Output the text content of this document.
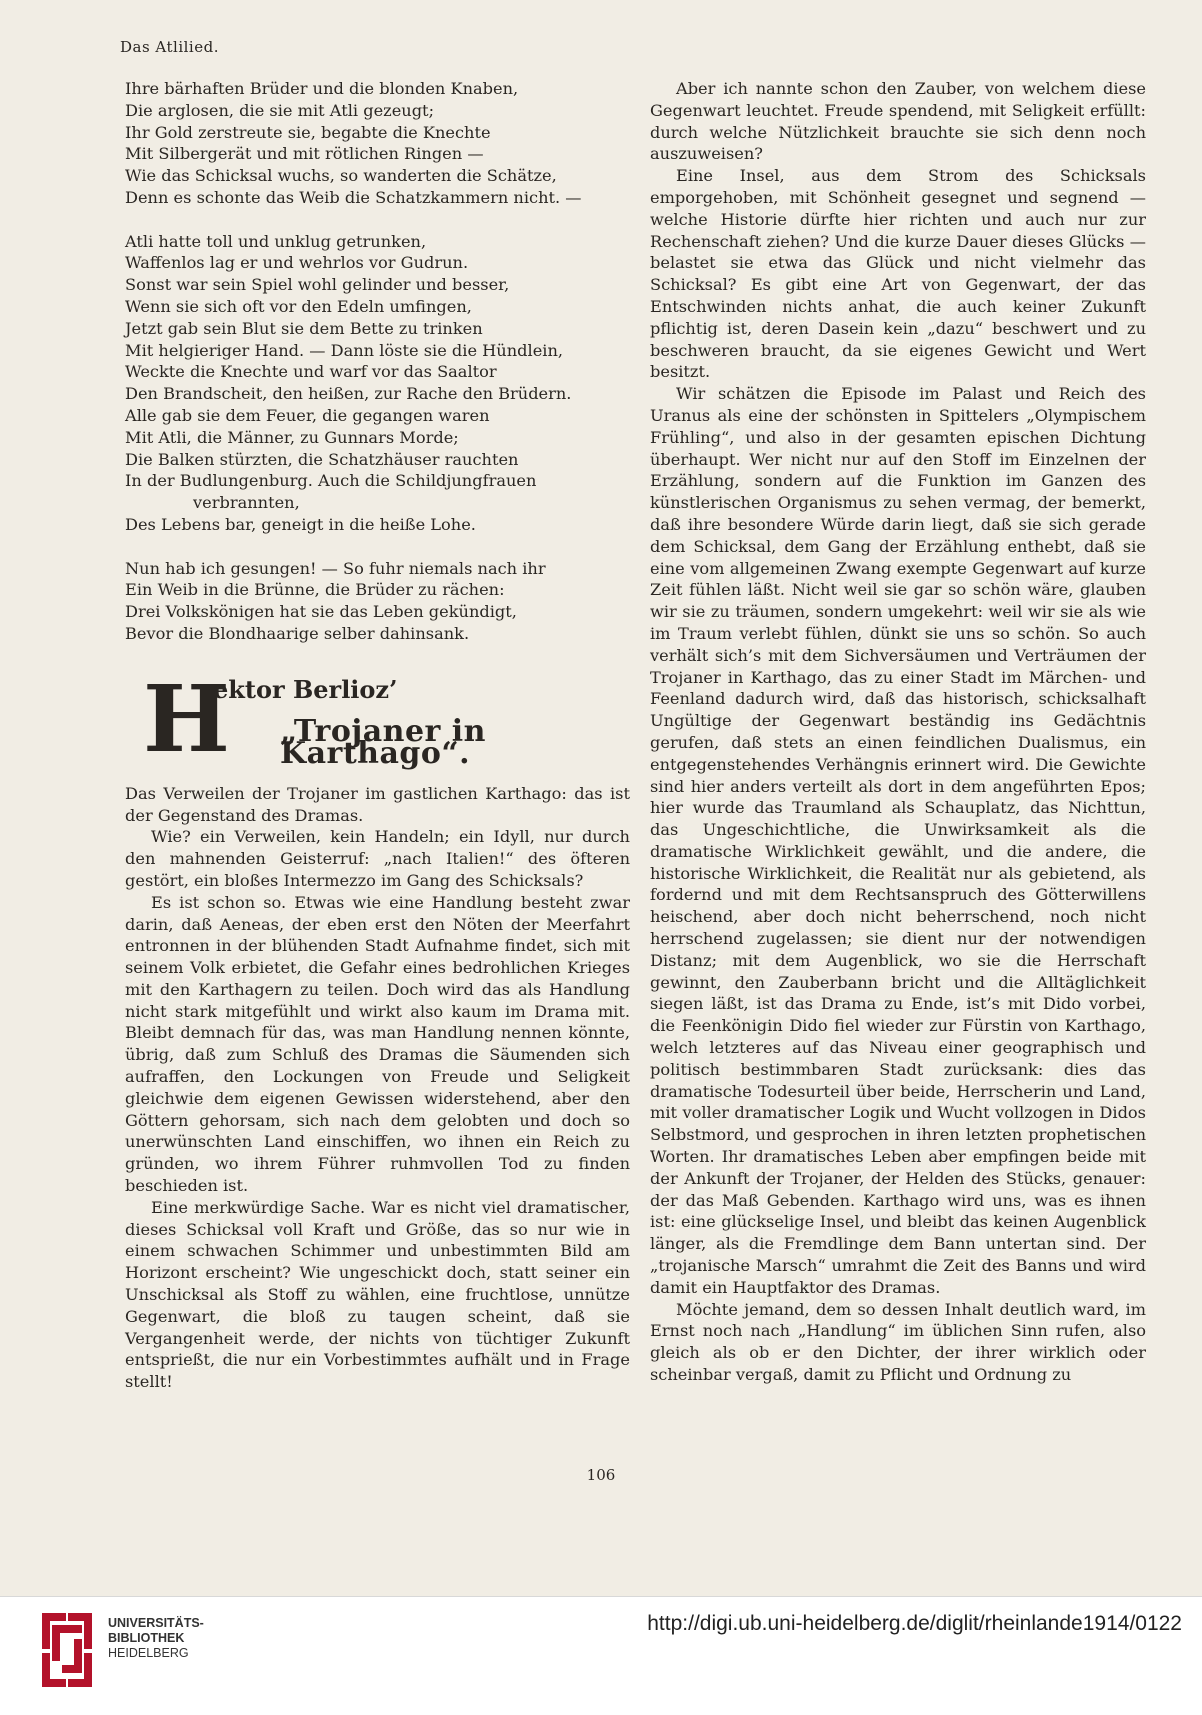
Das Atlilied.
Ihre bärhaften Brüder und die blonden Knaben,
Die arglosen, die sie mit Atli gezeugt;
Ihr Gold zerstreute sie, begabte die Knechte
Mit Silbergerät und mit rötlichen Ringen —
Wie das Schicksal wuchs, so wanderten die Schätze,
Denn es schonte das Weib die Schatzkammern nicht. —
Atli hatte toll und unklug getrunken,
Waffenlos lag er und wehrlos vor Gudrun.
Sonst war sein Spiel wohl gelinder und besser,
Wenn sie sich oft vor den Edeln umfingen,
Jetzt gab sein Blut sie dem Bette zu trinken
Mit helgieriger Hand. — Dann löste sie die Hündlein,
Weckte die Knechte und warf vor das Saaltor
Den Brandscheit, den heißen, zur Rache den Brüdern.
Alle gab sie dem Feuer, die gegangen waren
Mit Atli, die Männer, zu Gunnars Morde;
Die Balken stürzten, die Schatzhäuser rauchten
In der Budlungenburg. Auch die Schildjungfrauen
verbrannten,
Des Lebens bar, geneigt in die heiße Lohe.
Nun hab ich gesungen! — So fuhr niemals nach ihr
Ein Weib in die Brünne, die Brüder zu rächen:
Drei Volkskönigen hat sie das Leben gekündigt,
Bevor die Blondhaarige selber dahinsank.
H
ektor Berlioz’
„Trojaner in Karthago“.
Das Verweilen der Trojaner im gastlichen Karthago: das ist der Gegenstand des Dramas.
Wie? ein Verweilen, kein Handeln; ein Idyll, nur durch den mahnenden Geisterruf: „nach Italien!“ des öfteren gestört, ein bloßes Intermezzo im Gang des Schicksals?
Es ist schon so. Etwas wie eine Handlung besteht zwar darin, daß Aeneas, der eben erst den Nöten der Meerfahrt entronnen in der blühenden Stadt Aufnahme findet, sich mit seinem Volk erbietet, die Gefahr eines bedrohlichen Krieges mit den Karthagern zu teilen. Doch wird das als Handlung nicht stark mitgefühlt und wirkt also kaum im Drama mit. Bleibt demnach für das, was man Handlung nennen könnte, übrig, daß zum Schluß des Dramas die Säumenden sich aufraffen, den Lockungen von Freude und Seligkeit gleichwie dem eigenen Gewissen widerstehend, aber den Göttern gehorsam, sich nach dem gelobten und doch so unerwünschten Land einschiffen, wo ihnen ein Reich zu gründen, wo ihrem Führer ruhmvollen Tod zu finden beschieden ist.
Eine merkwürdige Sache. War es nicht viel dramatischer, dieses Schicksal voll Kraft und Größe, das so nur wie in einem schwachen Schimmer und unbestimmten Bild am Horizont erscheint? Wie ungeschickt doch, statt seiner ein Unschicksal als Stoff zu wählen, eine fruchtlose, unnütze Gegenwart, die bloß zu taugen scheint, daß sie Vergangenheit werde, der nichts von tüchtiger Zukunft entsprießt, die nur ein Vorbestimmtes aufhält und in Frage stellt!
Aber ich nannte schon den Zauber, von welchem diese Gegenwart leuchtet. Freude spendend, mit Seligkeit erfüllt: durch welche Nützlichkeit brauchte sie sich denn noch auszuweisen?
Eine Insel, aus dem Strom des Schicksals emporgehoben, mit Schönheit gesegnet und segnend — welche Historie dürfte hier richten und auch nur zur Rechenschaft ziehen? Und die kurze Dauer dieses Glücks — belastet sie etwa das Glück und nicht vielmehr das Schicksal? Es gibt eine Art von Gegenwart, der das Entschwinden nichts anhat, die auch keiner Zukunft pflichtig ist, deren Dasein kein „dazu“ beschwert und zu beschweren braucht, da sie eigenes Gewicht und Wert besitzt.
Wir schätzen die Episode im Palast und Reich des Uranus als eine der schönsten in Spittelers „Olympischem Frühling“, und also in der gesamten epischen Dichtung überhaupt. Wer nicht nur auf den Stoff im Einzelnen der Erzählung, sondern auf die Funktion im Ganzen des künstlerischen Organismus zu sehen vermag, der bemerkt, daß ihre besondere Würde darin liegt, daß sie sich gerade dem Schicksal, dem Gang der Erzählung enthebt, daß sie eine vom allgemeinen Zwang exempte Gegenwart auf kurze Zeit fühlen läßt. Nicht weil sie gar so schön wäre, glauben wir sie zu träumen, sondern umgekehrt: weil wir sie als wie im Traum verlebt fühlen, dünkt sie uns so schön. So auch verhält sich’s mit dem Sichversäumen und Verträumen der Trojaner in Karthago, das zu einer Stadt im Märchen- und Feenland dadurch wird, daß das historisch, schicksalhaft Ungültige der Gegenwart beständig ins Gedächtnis gerufen, daß stets an einen feindlichen Dualismus, ein entgegenstehendes Verhängnis erinnert wird. Die Gewichte sind hier anders verteilt als dort in dem angeführten Epos; hier wurde das Traumland als Schauplatz, das Nichttun, das Ungeschichtliche, die Unwirksamkeit als die dramatische Wirklichkeit gewählt, und die andere, die historische Wirklichkeit, die Realität nur als gebietend, als fordernd und mit dem Rechtsanspruch des Götterwillens heischend, aber doch nicht beherrschend, noch nicht herrschend zugelassen; sie dient nur der notwendigen Distanz; mit dem Augenblick, wo sie die Herrschaft gewinnt, den Zauberbann bricht und die Alltäglichkeit siegen läßt, ist das Drama zu Ende, ist’s mit Dido vorbei, die Feenkönigin Dido fiel wieder zur Fürstin von Karthago, welch letzteres auf das Niveau einer geographisch und politisch bestimmbaren Stadt zurücksank: dies das dramatische Todesurteil über beide, Herrscherin und Land, mit voller dramatischer Logik und Wucht vollzogen in Didos Selbstmord, und gesprochen in ihren letzten prophetischen Worten. Ihr dramatisches Leben aber empfingen beide mit der Ankunft der Trojaner, der Helden des Stücks, genauer: der das Maß Gebenden. Karthago wird uns, was es ihnen ist: eine glückselige Insel, und bleibt das keinen Augenblick länger, als die Fremdlinge dem Bann untertan sind. Der „trojanische Marsch“ umrahmt die Zeit des Banns und wird damit ein Hauptfaktor des Dramas.
Möchte jemand, dem so dessen Inhalt deutlich ward, im Ernst noch nach „Handlung“ im üblichen Sinn rufen, also gleich als ob er den Dichter, der ihrer wirklich oder scheinbar vergaß, damit zu Pflicht und Ordnung zu
106
UNIVERSITÄTS-
BIBLIOTHEK
HEIDELBERG
http://digi.ub.uni-heidelberg.de/diglit/rheinlande1914/0122
